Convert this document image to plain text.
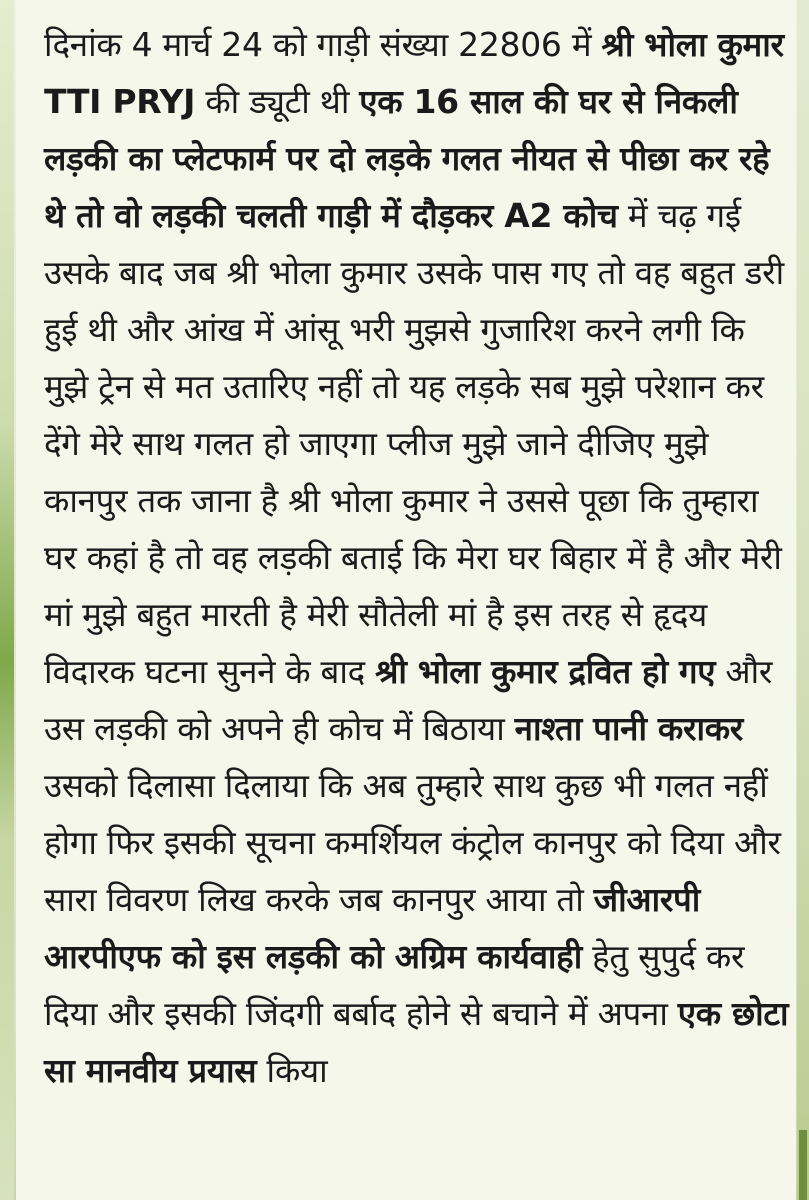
दिनांक 4 मार्च 24 को गाड़ी संख्या 22806 में श्री भोला कुमार TTI PRYJ की ड्यूटी थी एक 16 साल की घर से निकली लड़की का प्लेटफार्म पर दो लड़के गलत नीयत से पीछा कर रहे थे तो वो लड़की चलती गाड़ी में दौड़कर A2 कोच में चढ़ गई उसके बाद जब श्री भोला कुमार उसके पास गए तो वह बहुत डरी हुई थी और आंख में आंसू भरी मुझसे गुजारिश करने लगी कि मुझे ट्रेन से मत उतारिए नहीं तो यह लड़के सब मुझे परेशान कर देंगे मेरे साथ गलत हो जाएगा प्लीज मुझे जाने दीजिए मुझे कानपुर तक जाना है श्री भोला कुमार ने उससे पूछा कि तुम्हारा घर कहां है तो वह लड़की बताई कि मेरा घर बिहार में है और मेरी मां मुझे बहुत मारती है मेरी सौतेली मां है इस तरह से हृदय विदारक घटना सुनने के बाद श्री भोला कुमार द्रवित हो गए और उस लड़की को अपने ही कोच में बिठाया नाश्ता पानी कराकर उसको दिलासा दिलाया कि अब तुम्हारे साथ कुछ भी गलत नहीं होगा फिर इसकी सूचना कमर्शियल कंट्रोल कानपुर को दिया और सारा विवरण लिख करके जब कानपुर आया तो जीआरपी आरपीएफ को इस लड़की को अग्रिम कार्यवाही हेतु सुपुर्द कर दिया और इसकी जिंदगी बर्बाद होने से बचाने में अपना एक छोटा सा मानवीय प्रयास किया
